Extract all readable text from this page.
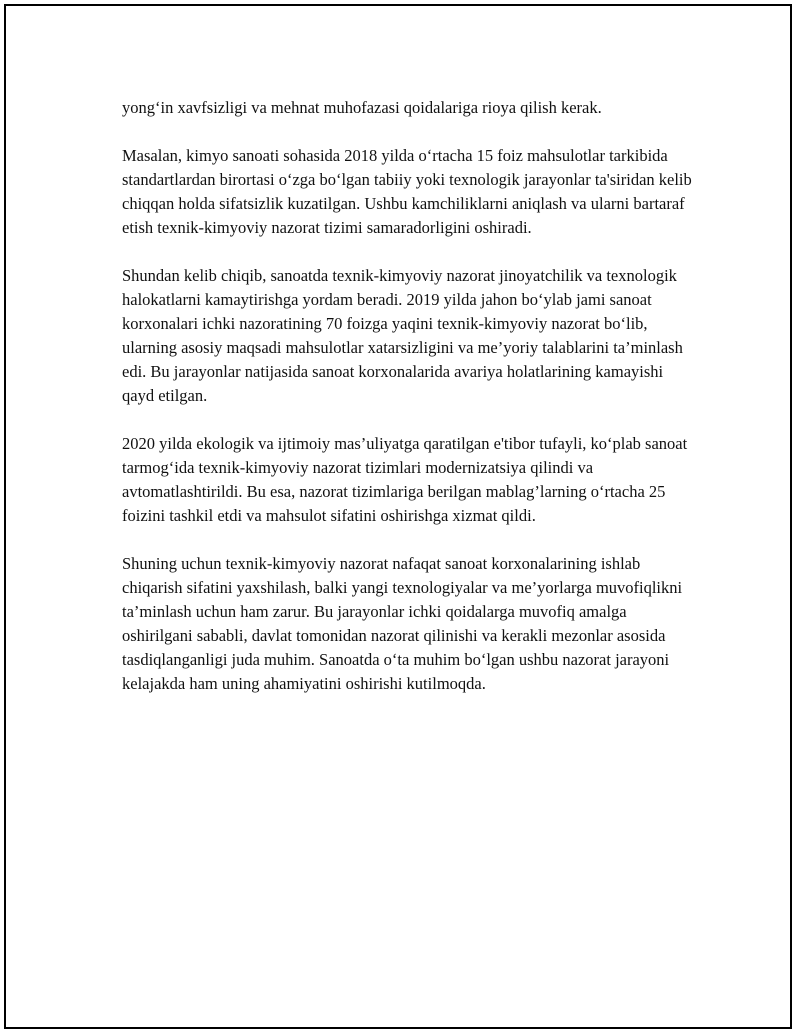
yong‘in xavfsizligi va mehnat muhofazasi qoidalariga rioya qilish kerak.

Masalan, kimyo sanoati sohasida 2018 yilda o‘rtacha 15 foiz mahsulotlar tarkibida standartlardan birortasi o‘zga bo‘lgan tabiiy yoki texnologik jarayonlar ta'siridan kelib chiqqan holda sifatsizlik kuzatilgan. Ushbu kamchiliklarni aniqlash va ularni bartaraf etish texnik-kimyoviy nazorat tizimi samaradorligini oshiradi.

Shundan kelib chiqib, sanoatda texnik-kimyoviy nazorat jinoyatchilik va texnologik halokatlarni kamaytirishga yordam beradi. 2019 yilda jahon bo‘ylab jami sanoat korxonalari ichki nazoratining 70 foizga yaqini texnik-kimyoviy nazorat bo‘lib, ularning asosiy maqsadi mahsulotlar xatarsizligini va me’yoriy talablarini ta’minlash edi. Bu jarayonlar natijasida sanoat korxonalarida avariya holatlarining kamayishi qayd etilgan.

2020 yilda ekologik va ijtimoiy mas’uliyatga qaratilgan e'tibor tufayli, ko‘plab sanoat tarmog‘ida texnik-kimyoviy nazorat tizimlari modernizatsiya qilindi va avtomatlashtirildi. Bu esa, nazorat tizimlariga berilgan mablag’larning o‘rtacha 25 foizini tashkil etdi va mahsulot sifatini oshirishga xizmat qildi.

Shuning uchun texnik-kimyoviy nazorat nafaqat sanoat korxonalarining ishlab chiqarish sifatini yaxshilash, balki yangi texnologiyalar va me’yorlarga muvofiqlikni ta’minlash uchun ham zarur. Bu jarayonlar ichki qoidalarga muvofiq amalga oshirilgani sababli, davlat tomonidan nazorat qilinishi va kerakli mezonlar asosida tasdiqlanganligi juda muhim. Sanoatda o‘ta muhim bo‘lgan ushbu nazorat jarayoni kelajakda ham uning ahamiyatini oshirishi kutilmoqda.
